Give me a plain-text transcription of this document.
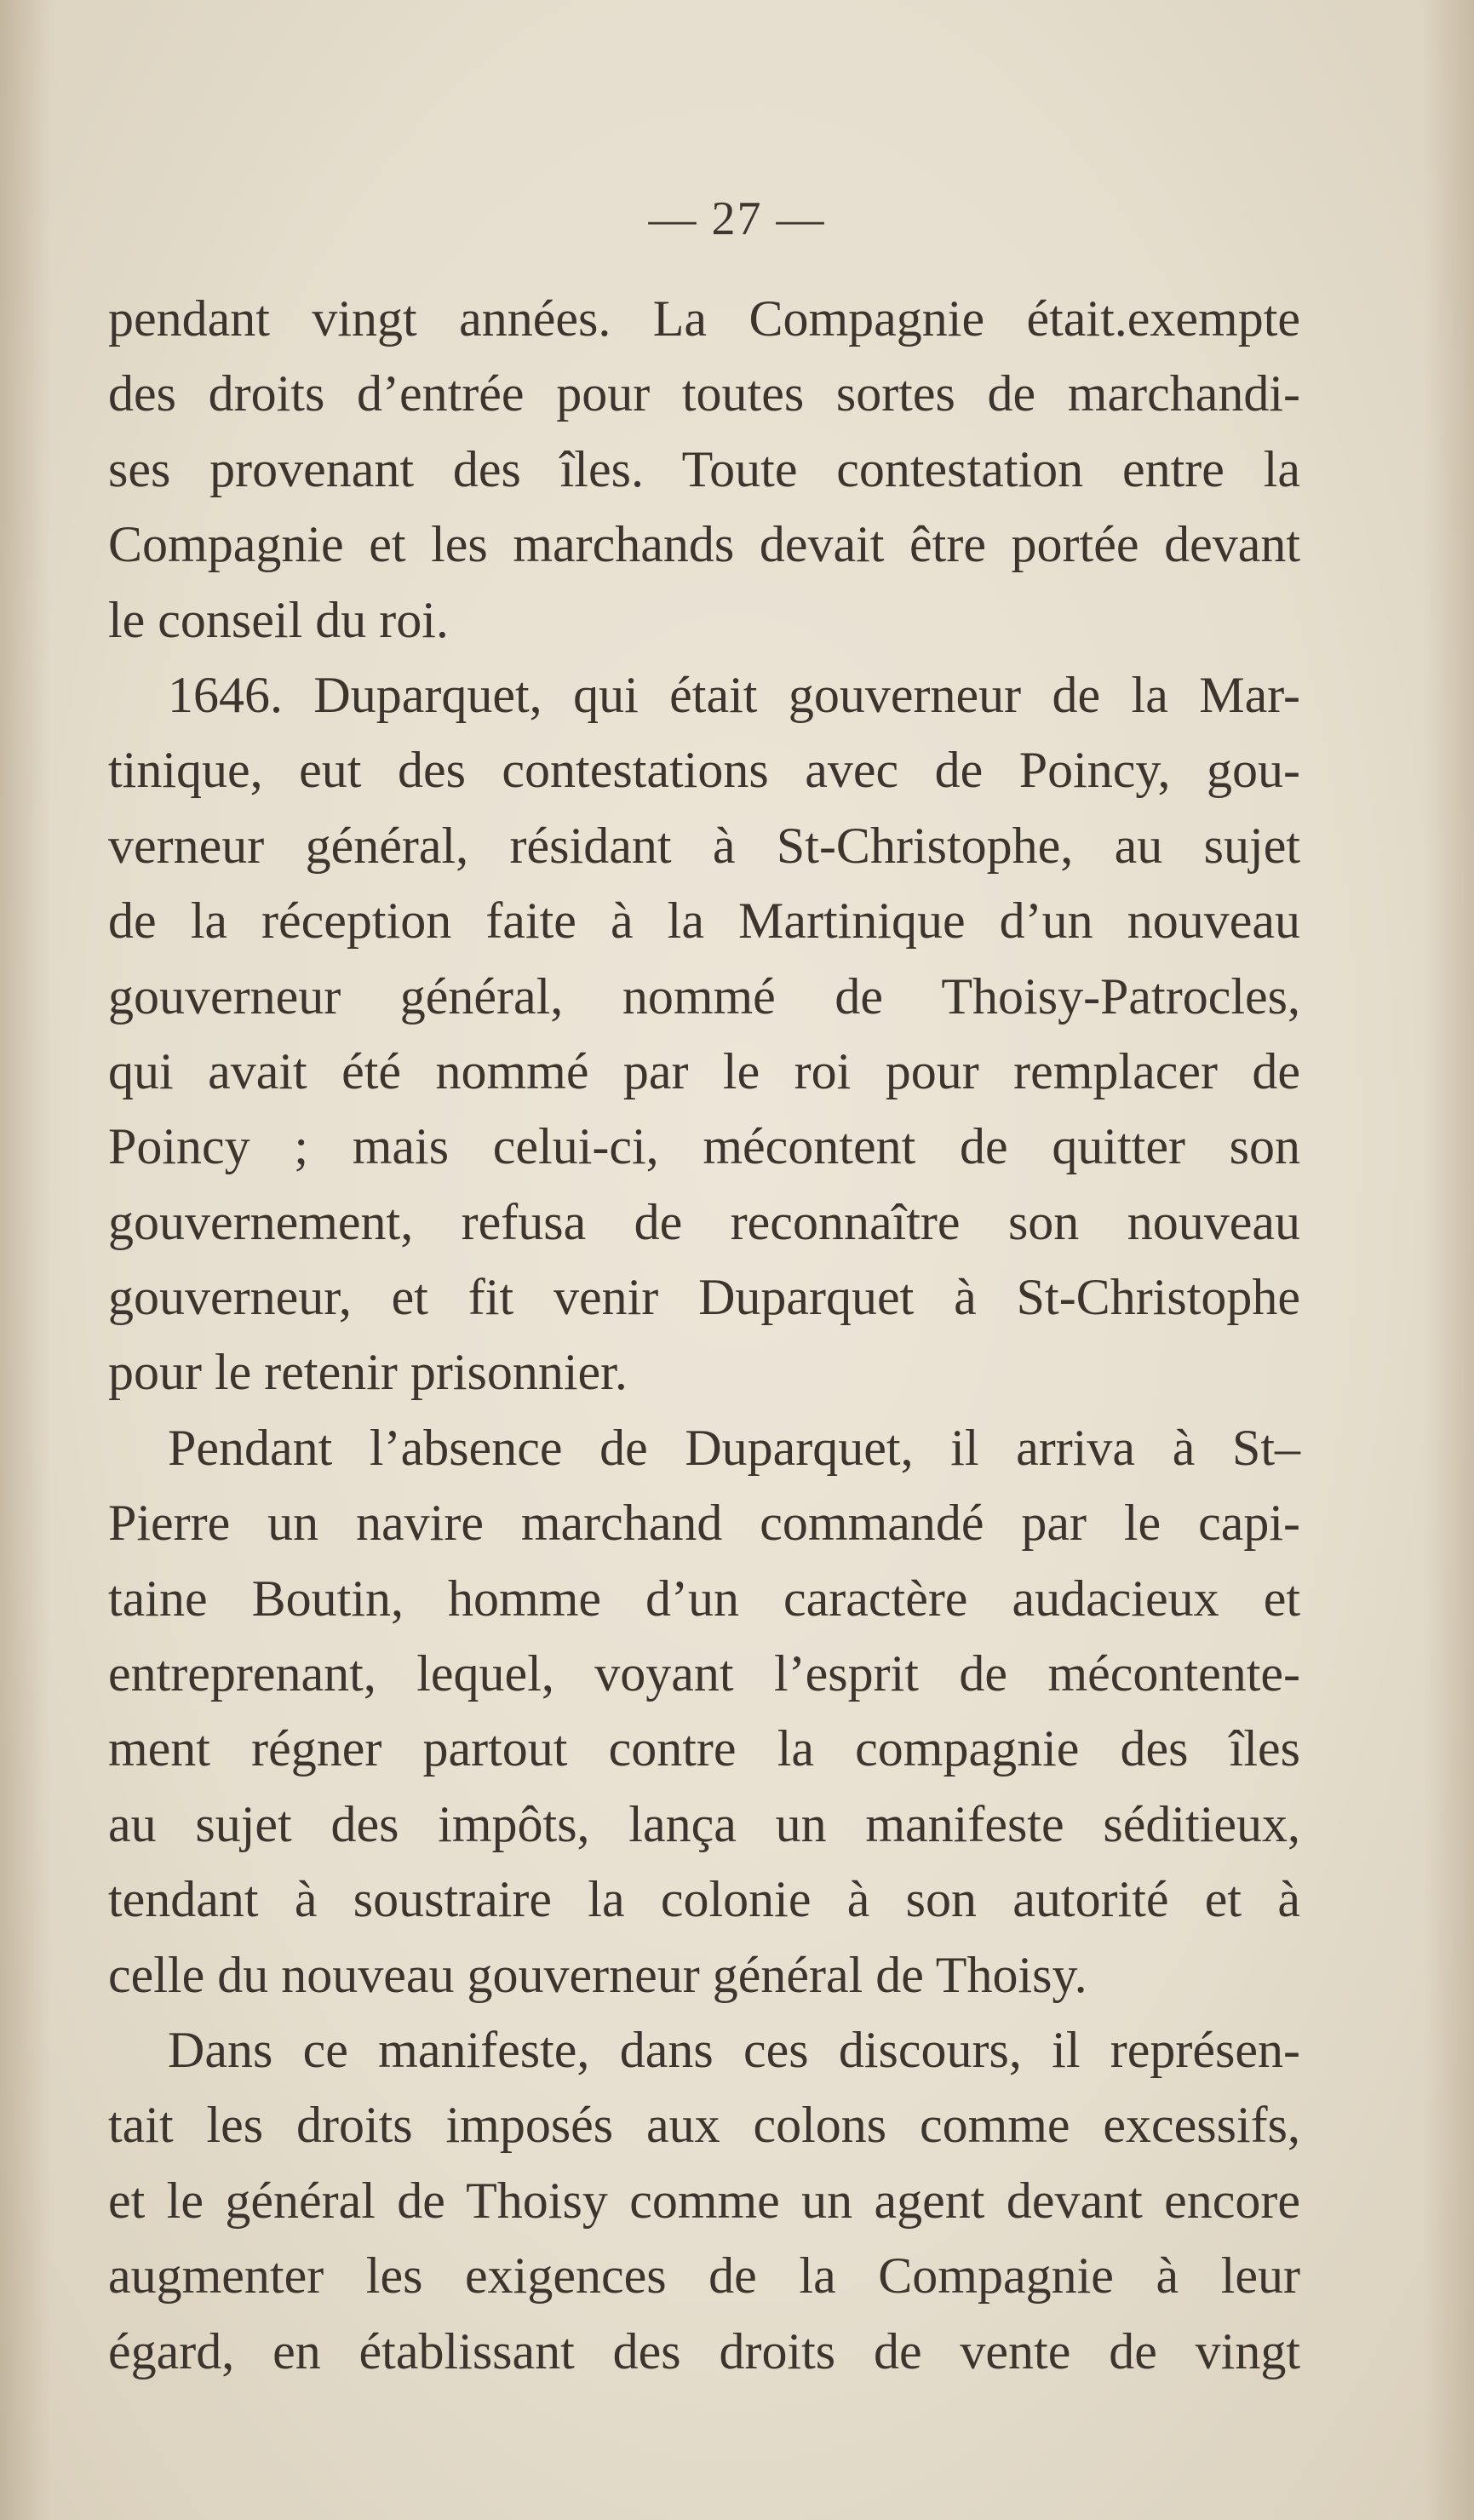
— 27 —
pendant vingt années. La Compagnie était.exempte
des droits d’entrée pour toutes sortes de marchandi-
ses provenant des îles. Toute contestation entre la
Compagnie et les marchands devait être portée devant
le conseil du roi.
1646. Duparquet, qui était gouverneur de la Mar-
tinique, eut des contestations avec de Poincy, gou-
verneur général, résidant à St-Christophe, au sujet
de la réception faite à la Martinique d’un nouveau
gouverneur général, nommé de Thoisy-Patrocles,
qui avait été nommé par le roi pour remplacer de
Poincy ; mais celui-ci, mécontent de quitter son
gouvernement, refusa de reconnaître son nouveau
gouverneur, et fit venir Duparquet à St-Christophe
pour le retenir prisonnier.
Pendant l’absence de Duparquet, il arriva à St–
Pierre un navire marchand commandé par le capi-
taine Boutin, homme d’un caractère audacieux et
entreprenant, lequel, voyant l’esprit de mécontente-
ment régner partout contre la compagnie des îles
au sujet des impôts, lança un manifeste séditieux,
tendant à soustraire la colonie à son autorité et à
celle du nouveau gouverneur général de Thoisy.
Dans ce manifeste, dans ces discours, il représen-
tait les droits imposés aux colons comme excessifs,
et le général de Thoisy comme un agent devant encore
augmenter les exigences de la Compagnie à leur
égard, en établissant des droits de vente de vingt
